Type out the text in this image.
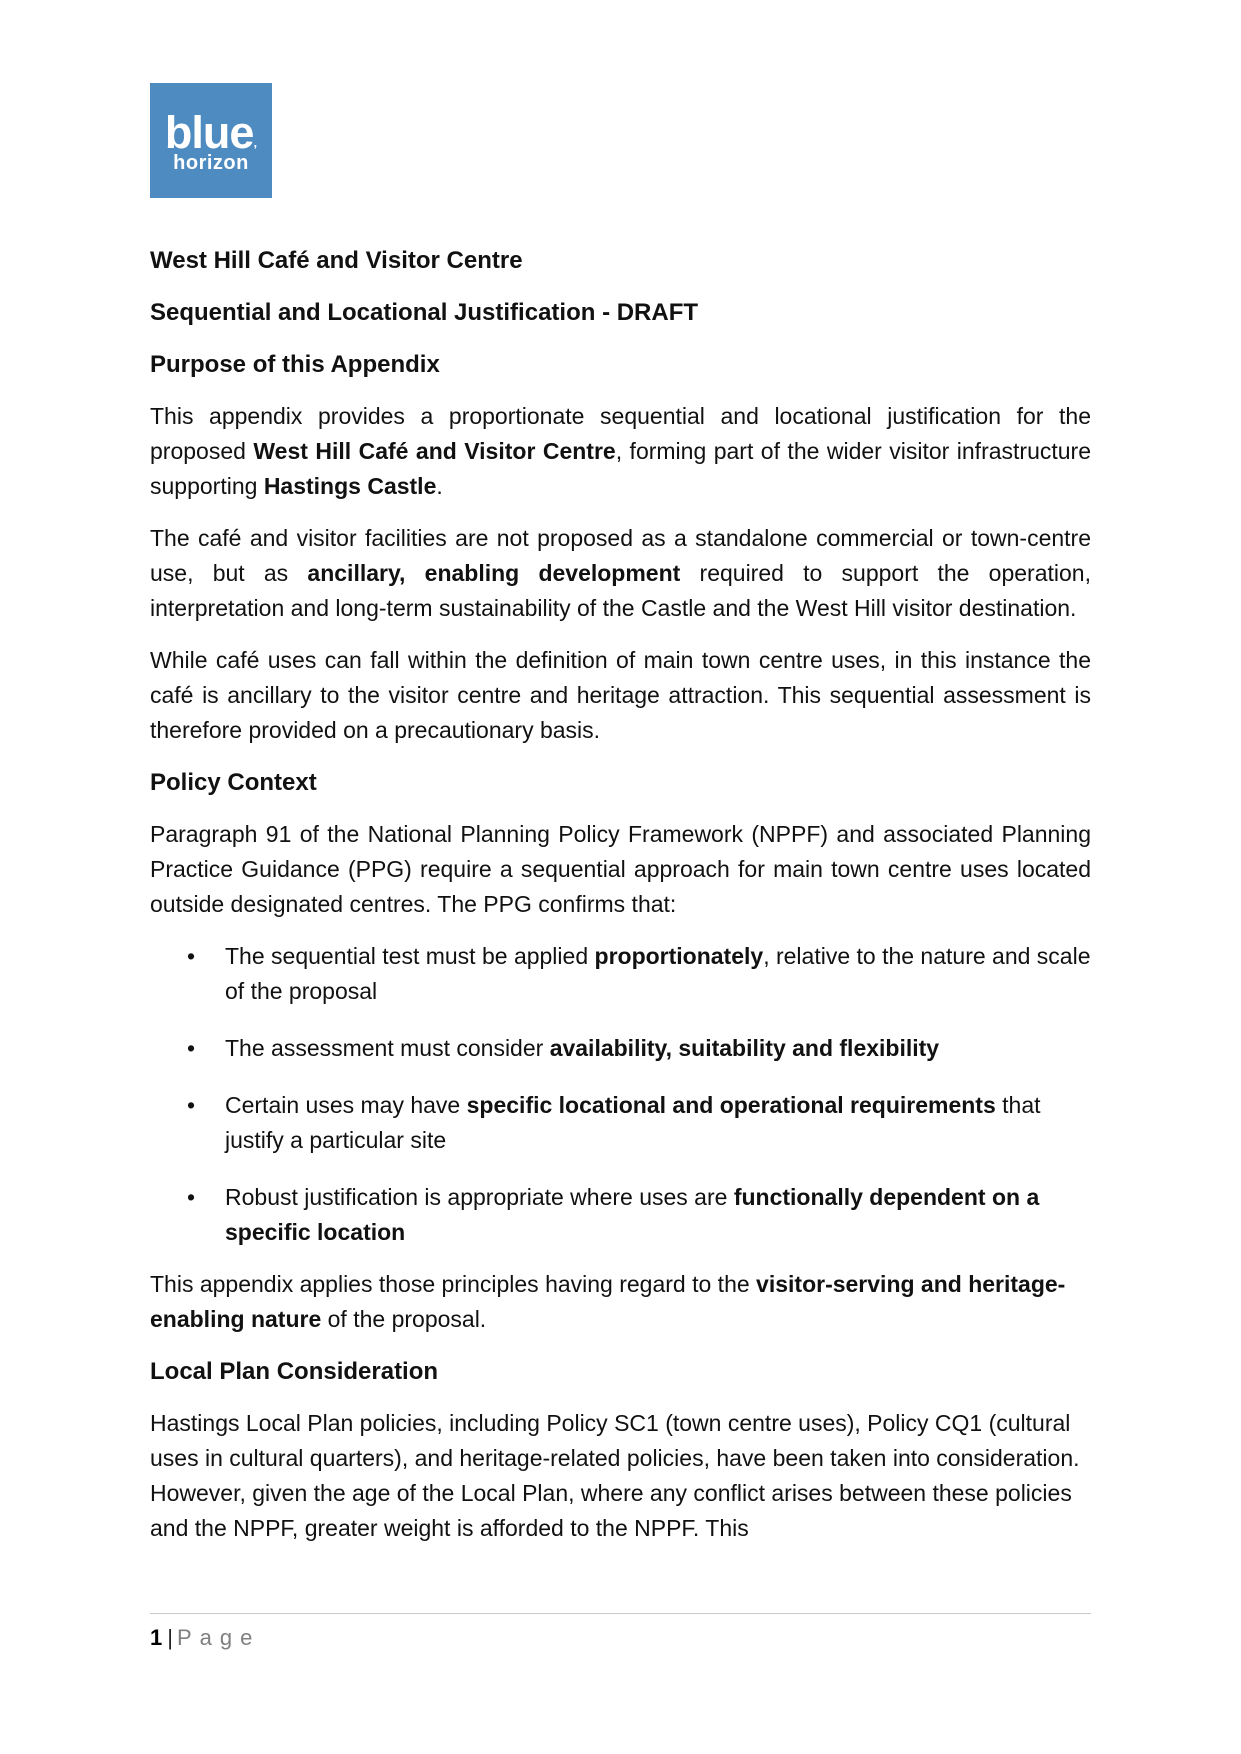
blue$_’$
horizon

West Hill Café and Visitor Centre

Sequential and Locational Justification - DRAFT

Purpose of this Appendix

This appendix provides a proportionate sequential and locational justification for the proposed West Hill Café and Visitor Centre, forming part of the wider visitor infrastructure supporting Hastings Castle.

The café and visitor facilities are not proposed as a standalone commercial or town-centre use, but as ancillary, enabling development required to support the operation, interpretation and long-term sustainability of the Castle and the West Hill visitor destination.

While café uses can fall within the definition of main town centre uses, in this instance the café is ancillary to the visitor centre and heritage attraction. This sequential assessment is therefore provided on a precautionary basis.

Policy Context

Paragraph 91 of the National Planning Policy Framework (NPPF) and associated Planning Practice Guidance (PPG) require a sequential approach for main town centre uses located outside designated centres. The PPG confirms that:

• The sequential test must be applied proportionately, relative to the nature and scale of the proposal
• The assessment must consider availability, suitability and flexibility
• Certain uses may have specific locational and operational requirements that justify a particular site
• Robust justification is appropriate where uses are functionally dependent on a specific location

This appendix applies those principles having regard to the visitor-serving and heritage-enabling nature of the proposal.

Local Plan Consideration

Hastings Local Plan policies, including Policy SC1 (town centre uses), Policy CQ1 (cultural uses in cultural quarters), and heritage-related policies, have been taken into consideration. However, given the age of the Local Plan, where any conflict arises between these policies and the NPPF, greater weight is afforded to the NPPF. This

1 | Page
